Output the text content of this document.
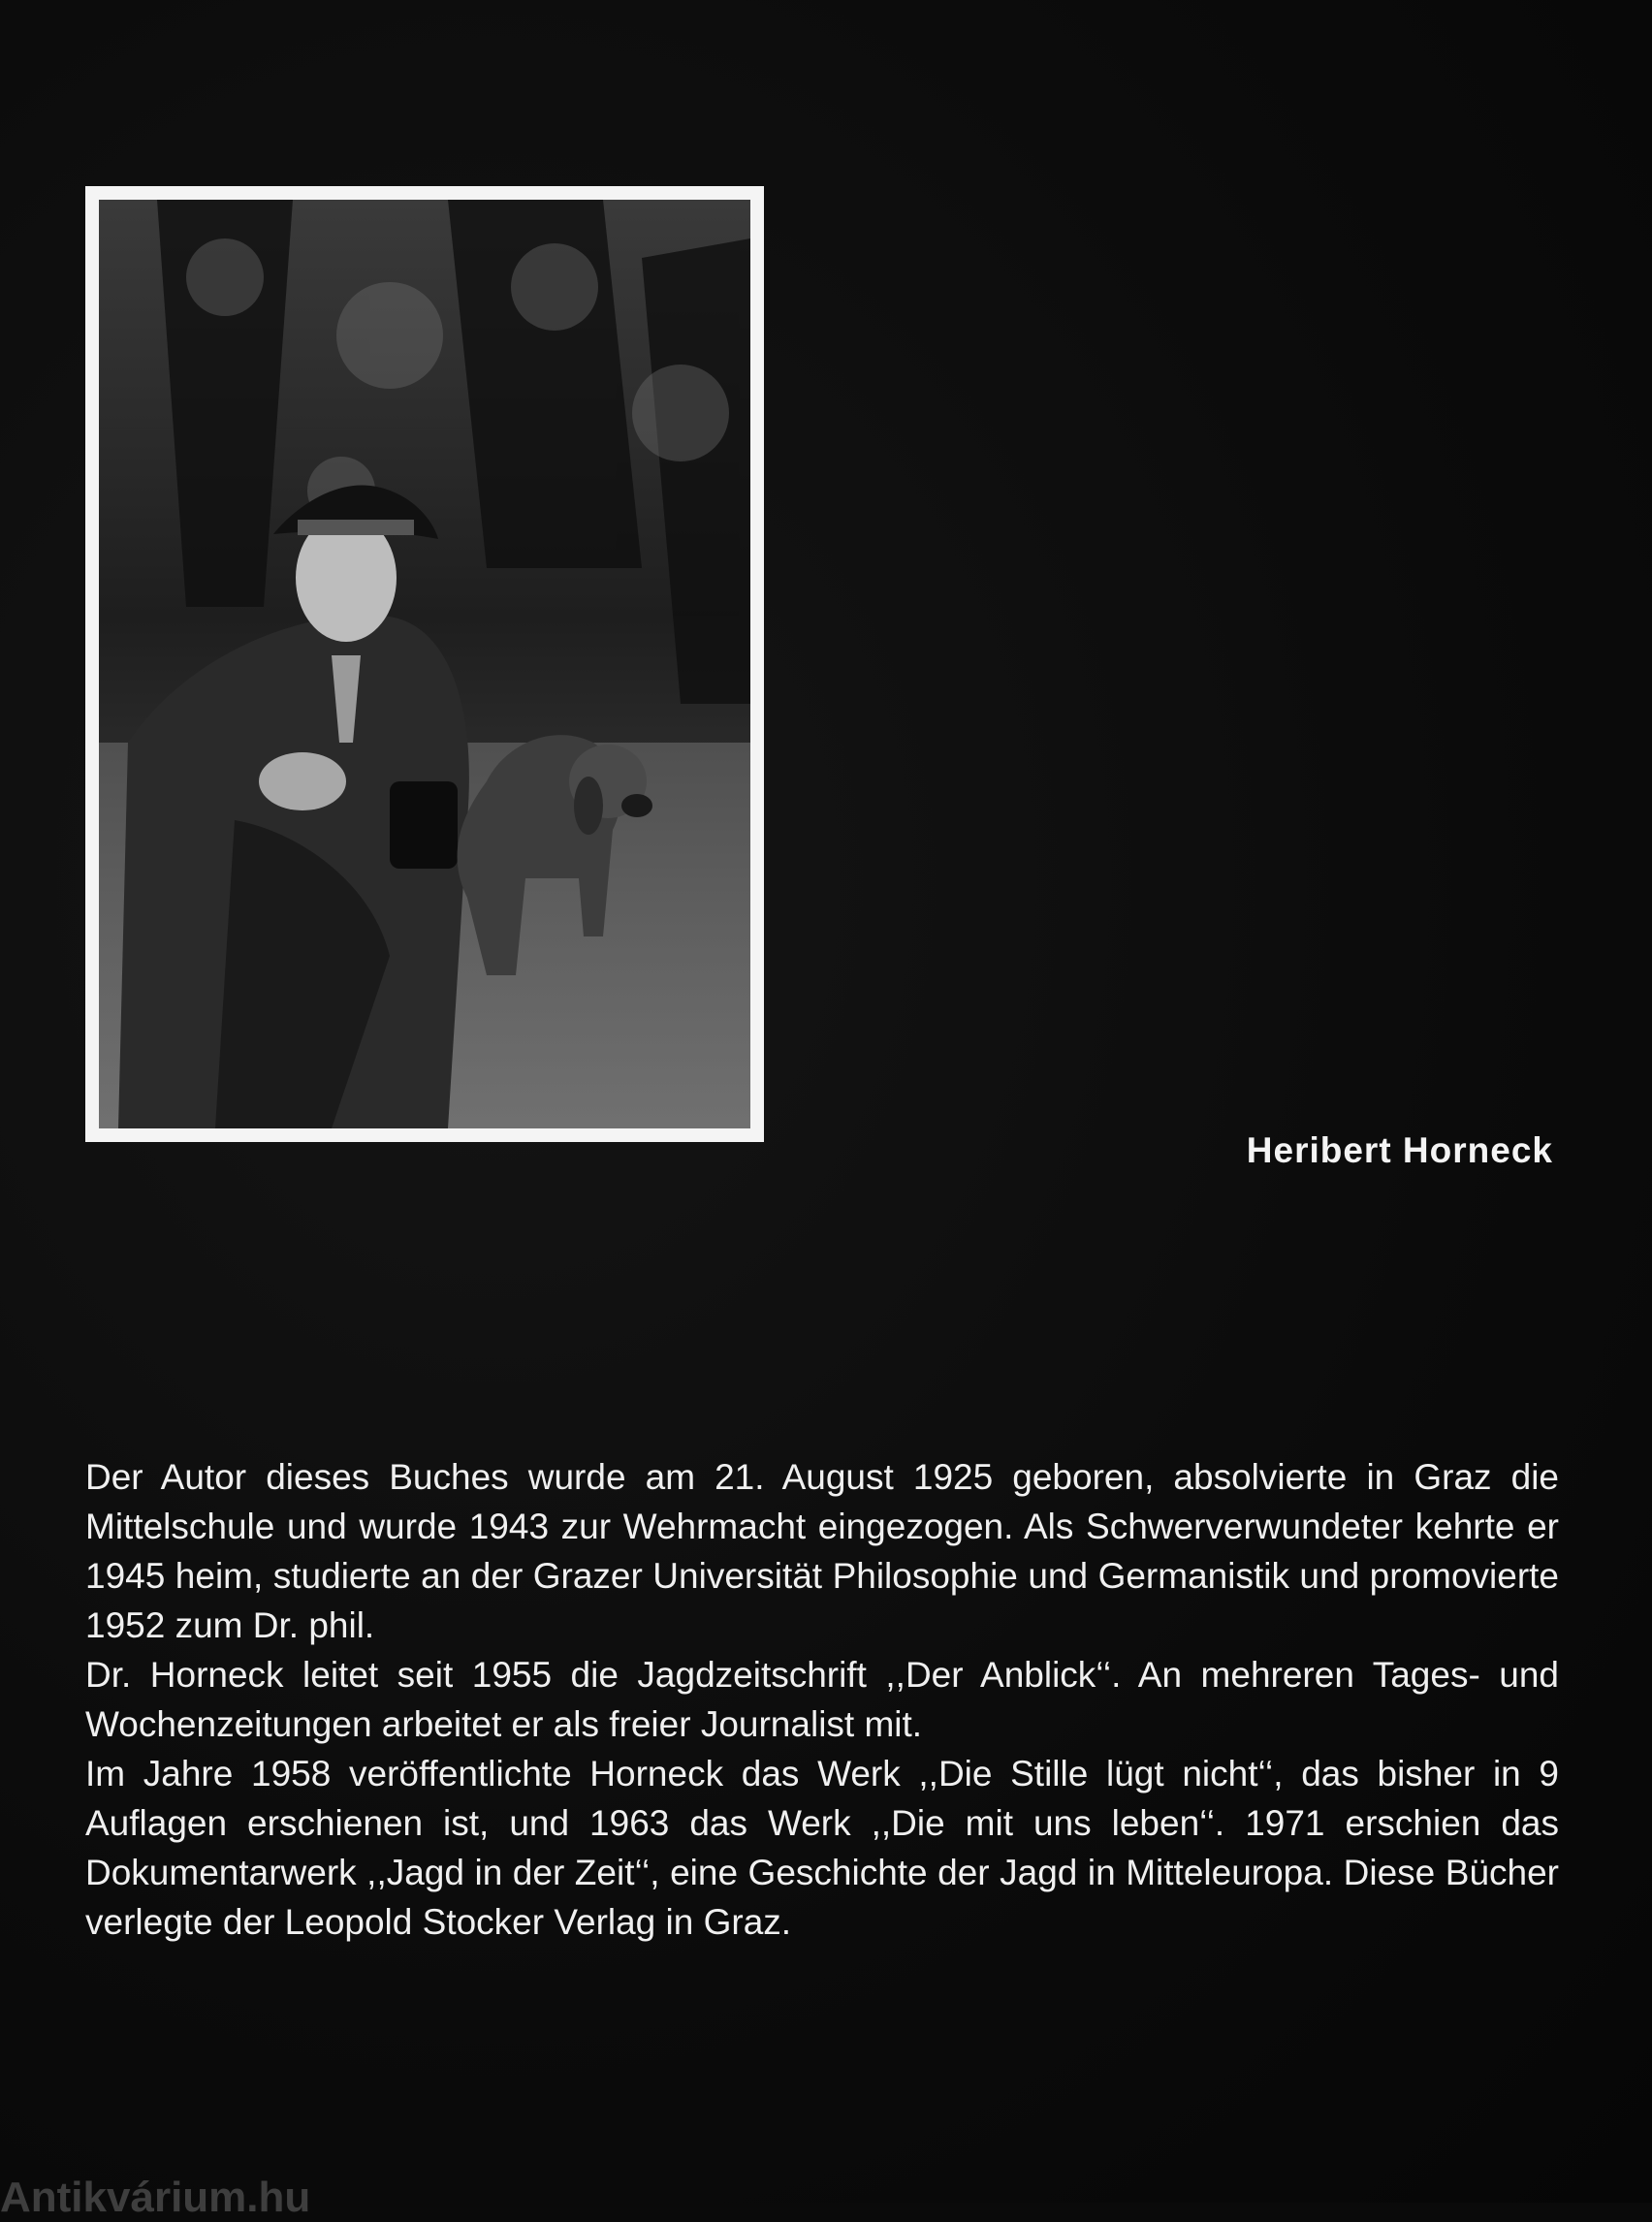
Heribert Horneck

Der Autor dieses Buches wurde am 21. August 1925 geboren, absolvierte in Graz die Mittelschule und wurde 1943 zur Wehrmacht eingezogen. Als Schwerverwundeter kehrte er 1945 heim, studierte an der Grazer Universität Philosophie und Germanistik und promovierte 1952 zum Dr. phil.

Dr. Horneck leitet seit 1955 die Jagdzeitschrift ,,Der Anblick‘‘. An mehreren Tages- und Wochenzeitungen arbeitet er als freier Journalist mit.

Im Jahre 1958 veröffentlichte Horneck das Werk ,,Die Stille lügt nicht‘‘, das bisher in 9 Auflagen erschienen ist, und 1963 das Werk ,,Die mit uns leben‘‘. 1971 erschien das Dokumentarwerk ,,Jagd in der Zeit‘‘, eine Geschichte der Jagd in Mitteleuropa. Diese Bücher verlegte der Leopold Stocker Verlag in Graz.

Antikvárium.hu
